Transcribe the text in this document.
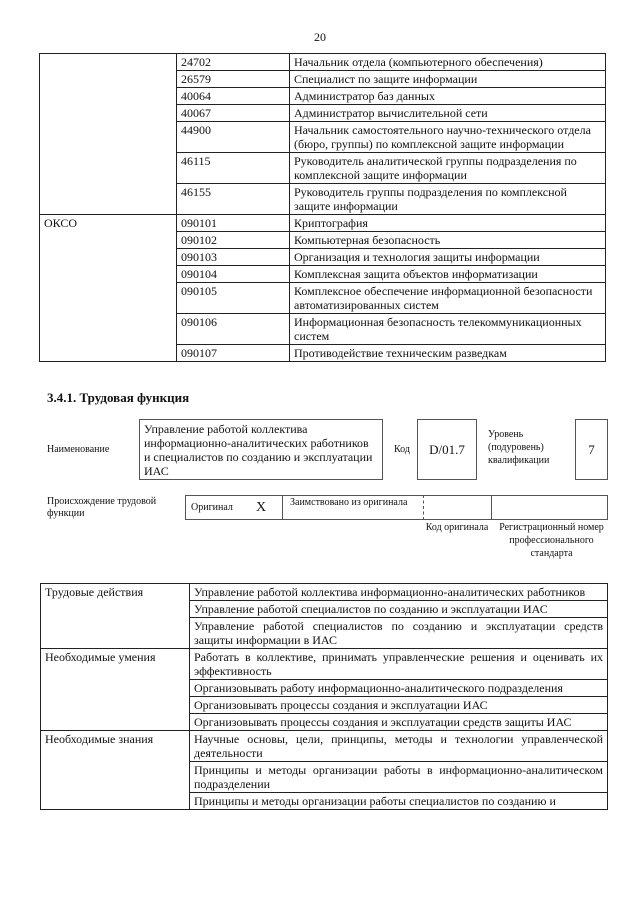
20
	24702	Начальник отдела (компьютерного обеспечения)
	26579	Специалист по защите информации
	40064	Администратор баз данных
	40067	Администратор вычислительной сети
	44900	Начальник самостоятельного научно-технического отдела (бюро, группы) по комплексной защите информации
	46115	Руководитель аналитической группы подразделения по комплексной защите информации
	46155	Руководитель группы подразделения по комплексной защите информации
ОКСО	090101	Криптография
	090102	Компьютерная безопасность
	090103	Организация и технология защиты информации
	090104	Комплексная защита объектов информатизации
	090105	Комплексное обеспечение информационной безопасности автоматизированных систем
	090106	Информационная безопасность телекоммуникационных систем
	090107	Противодействие техническим разведкам
3.4.1. Трудовая функция
Наименование
Управление работой коллектива информационно-аналитических работников и специалистов по созданию и эксплуатации ИАС
Код	D/01.7
Уровень (подуровень) квалификации
7
Происхождение трудовой функции
Оригинал X Заимствовано из оригинала
Код оригинала	Регистрационный номер профессионального стандарта
Трудовые действия	Управление работой коллектива информационно-аналитических работников
	Управление работой специалистов по созданию и эксплуатации ИАС
	Управление работой специалистов по созданию и эксплуатации средств защиты информации в ИАС
Необходимые умения	Работать в коллективе, принимать управленческие решения и оценивать их эффективность
	Организовывать работу информационно-аналитического подразделения
	Организовывать процессы создания и эксплуатации ИАС
	Организовывать процессы создания и эксплуатации средств защиты ИАС
Необходимые знания	Научные основы, цели, принципы, методы и технологии управленческой деятельности
	Принципы и методы организации работы в информационно-аналитическом подразделении
	Принципы и методы организации работы специалистов по созданию и
